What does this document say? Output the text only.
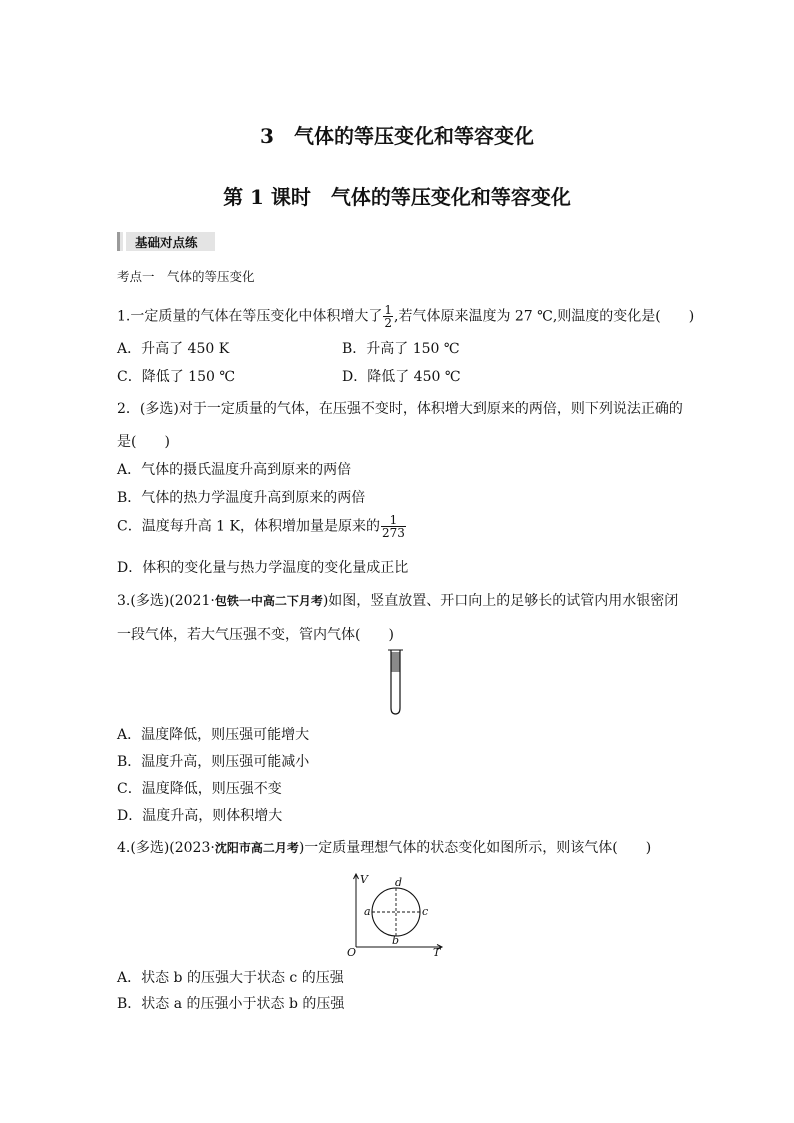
3　气体的等压变化和等容变化
第 1 课时　气体的等压变化和等容变化
基础对点练
考点一　气体的等压变化
1.一定质量的气体在等压变化中体积增大了 $\frac{1}{2}$ ,若气体原来温度为 27 ℃,则温度的变化是(　　)
A．升高了 450 K	B．升高了 150 ℃
C．降低了 150 ℃	D．降低了 450 ℃
2．(多选)对于一定质量的气体，在压强不变时，体积增大到原来的两倍，则下列说法正确的
是(　　)
A．气体的摄氏温度升高到原来的两倍
B．气体的热力学温度升高到原来的两倍
C．温度每升高 1 K，体积增加量是原来的 $\frac{1}{273}$
D．体积的变化量与热力学温度的变化量成正比
3.(多选)(2021·包铁一中高二下月考)如图，竖直放置、开口向上的足够长的试管内用水银密闭
一段气体，若大气压强不变，管内气体(　　)
A．温度降低，则压强可能增大
B．温度升高，则压强可能减小
C．温度降低，则压强不变
D．温度升高，则体积增大
4.(多选)(2023·沈阳市高二月考)一定质量理想气体的状态变化如图所示，则该气体(　　)
V
T
O
a
b
c
d
A．状态 b 的压强大于状态 c 的压强
B．状态 a 的压强小于状态 b 的压强
